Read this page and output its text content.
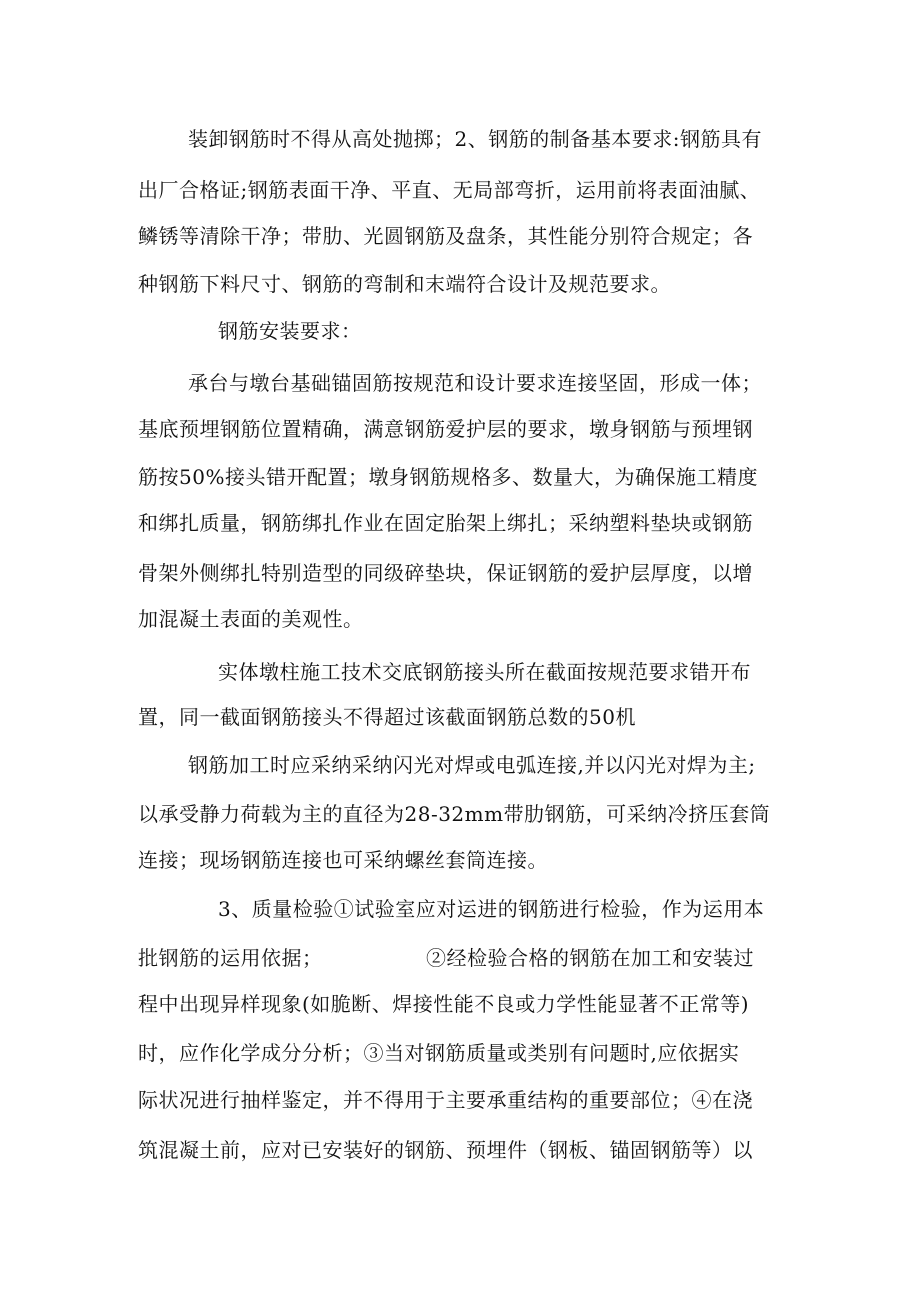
装卸钢筋时不得从高处抛掷；2、钢筋的制备基本要求:钢筋具有
出厂合格证;钢筋表面干净、平直、无局部弯折，运用前将表面油腻、
鳞锈等清除干净；带肋、光圆钢筋及盘条，其性能分别符合规定；各
种钢筋下料尺寸、钢筋的弯制和末端符合设计及规范要求。
钢筋安装要求：
承台与墩台基础锚固筋按规范和设计要求连接坚固，形成一体；
基底预埋钢筋位置精确，满意钢筋爱护层的要求，墩身钢筋与预埋钢
筋按50%接头错开配置；墩身钢筋规格多、数量大，为确保施工精度
和绑扎质量，钢筋绑扎作业在固定胎架上绑扎；采纳塑料垫块或钢筋
骨架外侧绑扎特别造型的同级碎垫块，保证钢筋的爱护层厚度，以增
加混凝土表面的美观性。
实体墩柱施工技术交底钢筋接头所在截面按规范要求错开布
置，同一截面钢筋接头不得超过该截面钢筋总数的50机
钢筋加工时应采纳采纳闪光对焊或电弧连接,并以闪光对焊为主;
以承受静力荷载为主的直径为28-32mm带肋钢筋，可采纳冷挤压套筒
连接；现场钢筋连接也可采纳螺丝套筒连接。
3、质量检验①试验室应对运进的钢筋进行检验，作为运用本
批钢筋的运用依据；	②经检验合格的钢筋在加工和安装过
程中出现异样现象(如脆断、焊接性能不良或力学性能显著不正常等)
时，应作化学成分分析；③当对钢筋质量或类别有问题时,应依据实
际状况进行抽样鉴定，并不得用于主要承重结构的重要部位；④在浇
筑混凝土前，应对已安装好的钢筋、预埋件（钢板、锚固钢筋等）以
